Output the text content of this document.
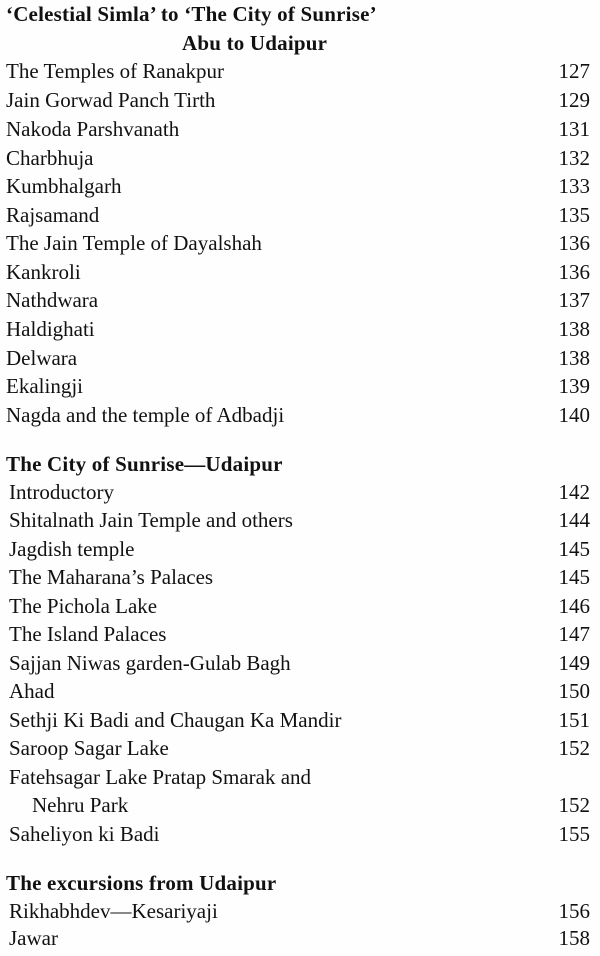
‘Celestial Simla’ to ‘The City of Sunrise’
Abu to Udaipur
The Temples of Ranakpur	127
Jain Gorwad Panch Tirth	129
Nakoda Parshvanath	131
Charbhuja	132
Kumbhalgarh	133
Rajsamand	135
The Jain Temple of Dayalshah	136
Kankroli	136
Nathdwara	137
Haldighati	138
Delwara	138
Ekalingji	139
Nagda and the temple of Adbadji	140
The City of Sunrise—Udaipur
Introductory	142
Shitalnath Jain Temple and others	144
Jagdish temple	145
The Maharana’s Palaces	145
The Pichola Lake	146
The Island Palaces	147
Sajjan Niwas garden-Gulab Bagh	149
Ahad	150
Sethji Ki Badi and Chaugan Ka Mandir	151
Saroop Sagar Lake	152
Fatehsagar Lake Pratap Smarak and
Nehru Park	152
Saheliyon ki Badi	155
The excursions from Udaipur
Rikhabhdev—Kesariyaji	156
Jawar	158
